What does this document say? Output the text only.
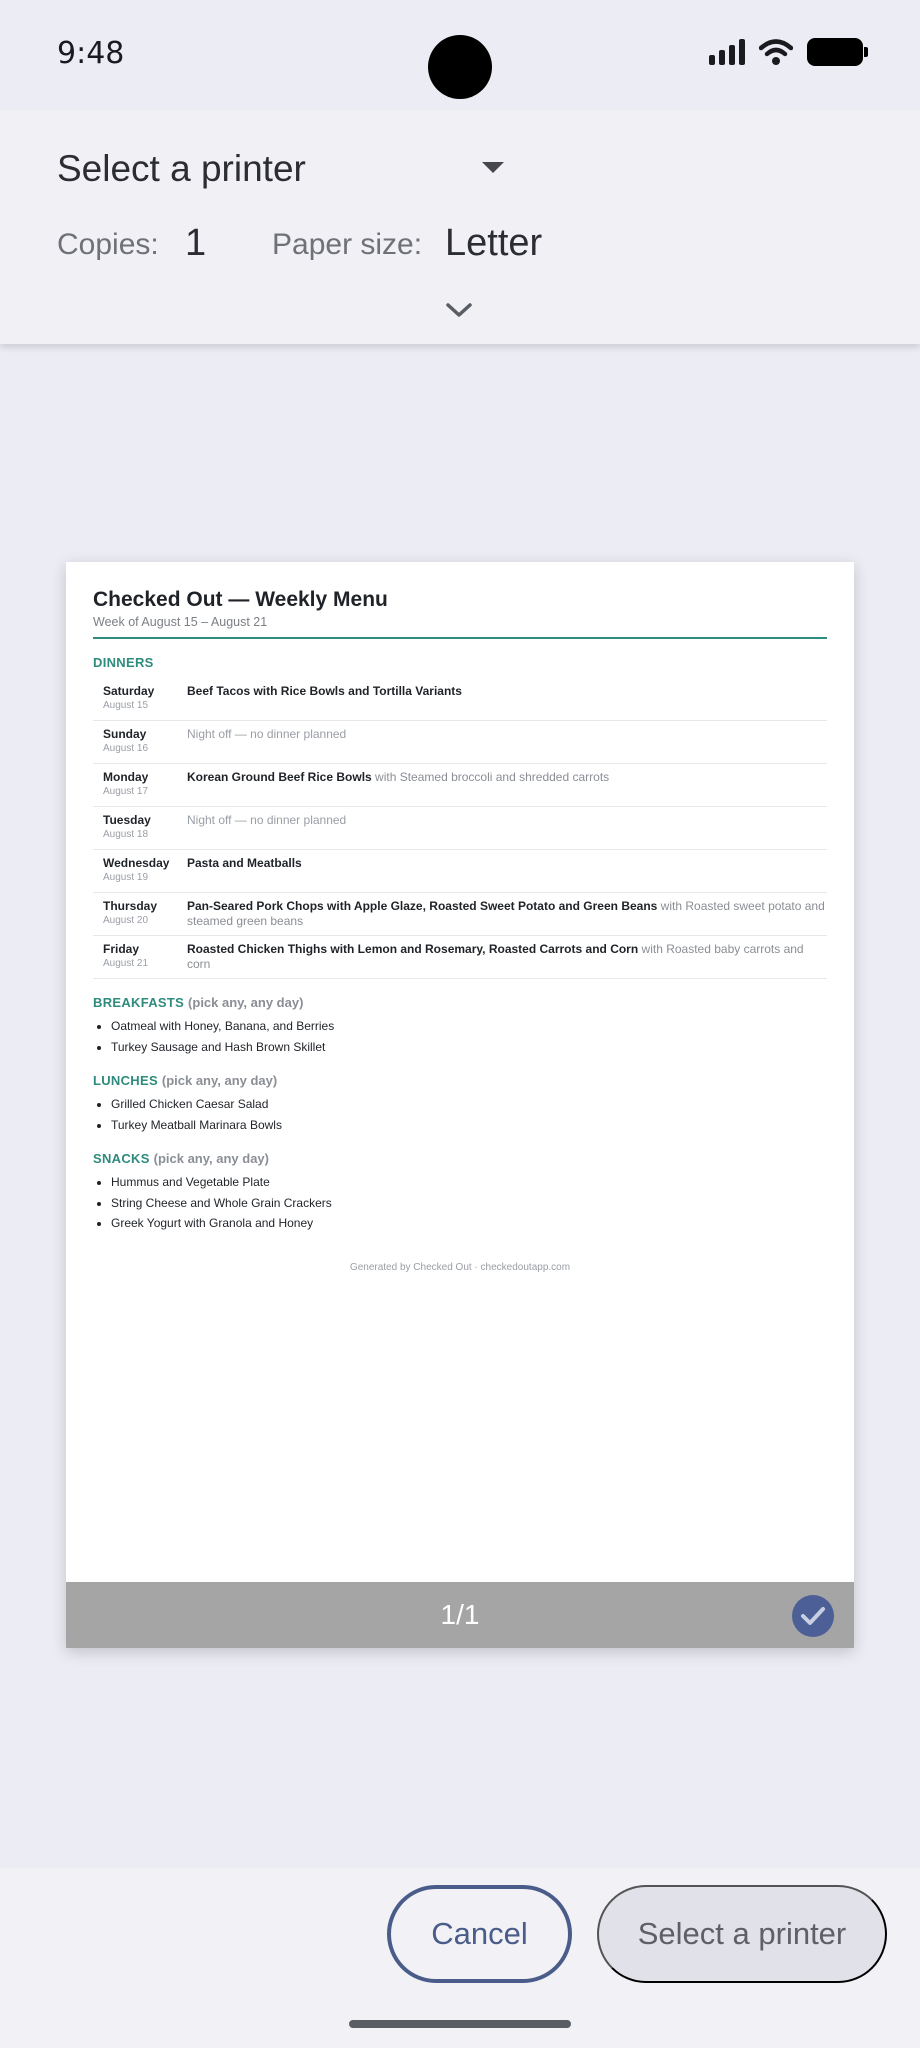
9:48
Select a printer
Copies: 1 Paper size: Letter
Checked Out — Weekly Menu
Week of August 15 – August 21
DINNERS
Saturday
August 15
Beef Tacos with Rice Bowls and Tortilla Variants
Sunday
August 16
Night off — no dinner planned
Monday
August 17
Korean Ground Beef Rice Bowls with Steamed broccoli and shredded carrots
Tuesday
August 18
Night off — no dinner planned
Wednesday
August 19
Pasta and Meatballs
Thursday
August 20
Pan-Seared Pork Chops with Apple Glaze, Roasted Sweet Potato and Green Beans with Roasted sweet potato and steamed green beans
Friday
August 21
Roasted Chicken Thighs with Lemon and Rosemary, Roasted Carrots and Corn with Roasted baby carrots and corn
BREAKFASTS (pick any, any day)
• Oatmeal with Honey, Banana, and Berries
• Turkey Sausage and Hash Brown Skillet
LUNCHES (pick any, any day)
• Grilled Chicken Caesar Salad
• Turkey Meatball Marinara Bowls
SNACKS (pick any, any day)
• Hummus and Vegetable Plate
• String Cheese and Whole Grain Crackers
• Greek Yogurt with Granola and Honey
Generated by Checked Out · checkedoutapp.com
1/1
Cancel	Select a printer
